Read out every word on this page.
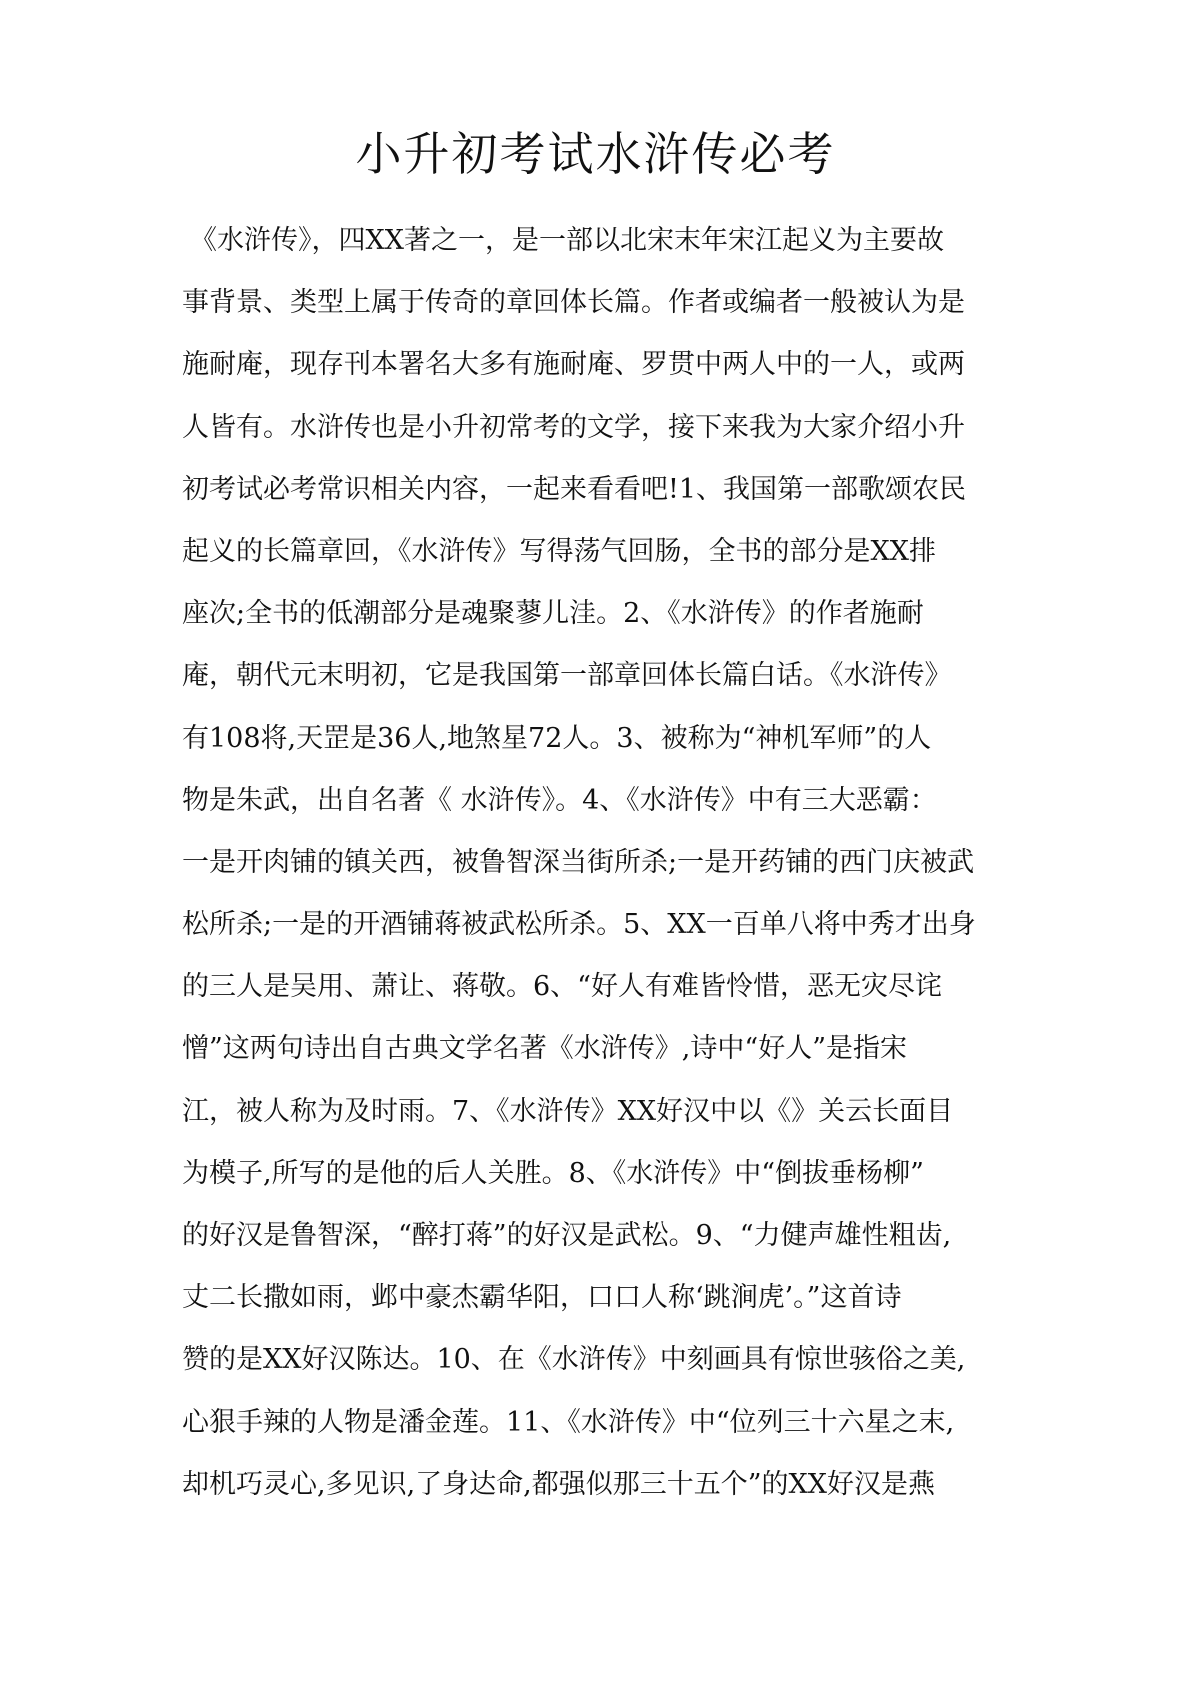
小升初考试水浒传必考
《水浒传》，四XX著之一，是一部以北宋末年宋江起义为主要故
事背景、类型上属于传奇的章回体长篇。作者或编者一般被认为是
施耐庵，现存刊本署名大多有施耐庵、罗贯中两人中的一人，或两
人皆有。水浒传也是小升初常考的文学，接下来我为大家介绍小升
初考试必考常识相关内容，一起来看看吧!1、我国第一部歌颂农民
起义的长篇章回，《水浒传》写得荡气回肠，全书的部分是XX排
座次;全书的低潮部分是魂聚蓼儿洼。2、《水浒传》的作者施耐
庵，朝代元末明初，它是我国第一部章回体长篇白话。《水浒传》
有108将,天罡是36人,地煞星72人。3、被称为“神机军师”的人
物是朱武，出自名著《 水浒传》。4、《水浒传》中有三大恶霸：
一是开肉铺的镇关西，被鲁智深当街所杀;一是开药铺的西门庆被武
松所杀;一是的开酒铺蒋被武松所杀。5、XX一百单八将中秀才出身
的三人是吴用、萧让、蒋敬。6、“好人有难皆怜惜，恶无灾尽诧
憎”这两句诗出自古典文学名著《水浒传》,诗中“好人”是指宋
江，被人称为及时雨。7、《水浒传》XX好汉中以《》关云长面目
为模子,所写的是他的后人关胜。8、《水浒传》中“倒拔垂杨柳”
的好汉是鲁智深，“醉打蒋”的好汉是武松。9、“力健声雄性粗齿,
丈二长撒如雨，邺中豪杰霸华阳，口口人称‘跳涧虎’。”这首诗
赞的是XX好汉陈达。10、在《水浒传》中刻画具有惊世骇俗之美,
心狠手辣的人物是潘金莲。11、《水浒传》中“位列三十六星之末,
却机巧灵心,多见识,了身达命,都强似那三十五个”的XX好汉是燕
